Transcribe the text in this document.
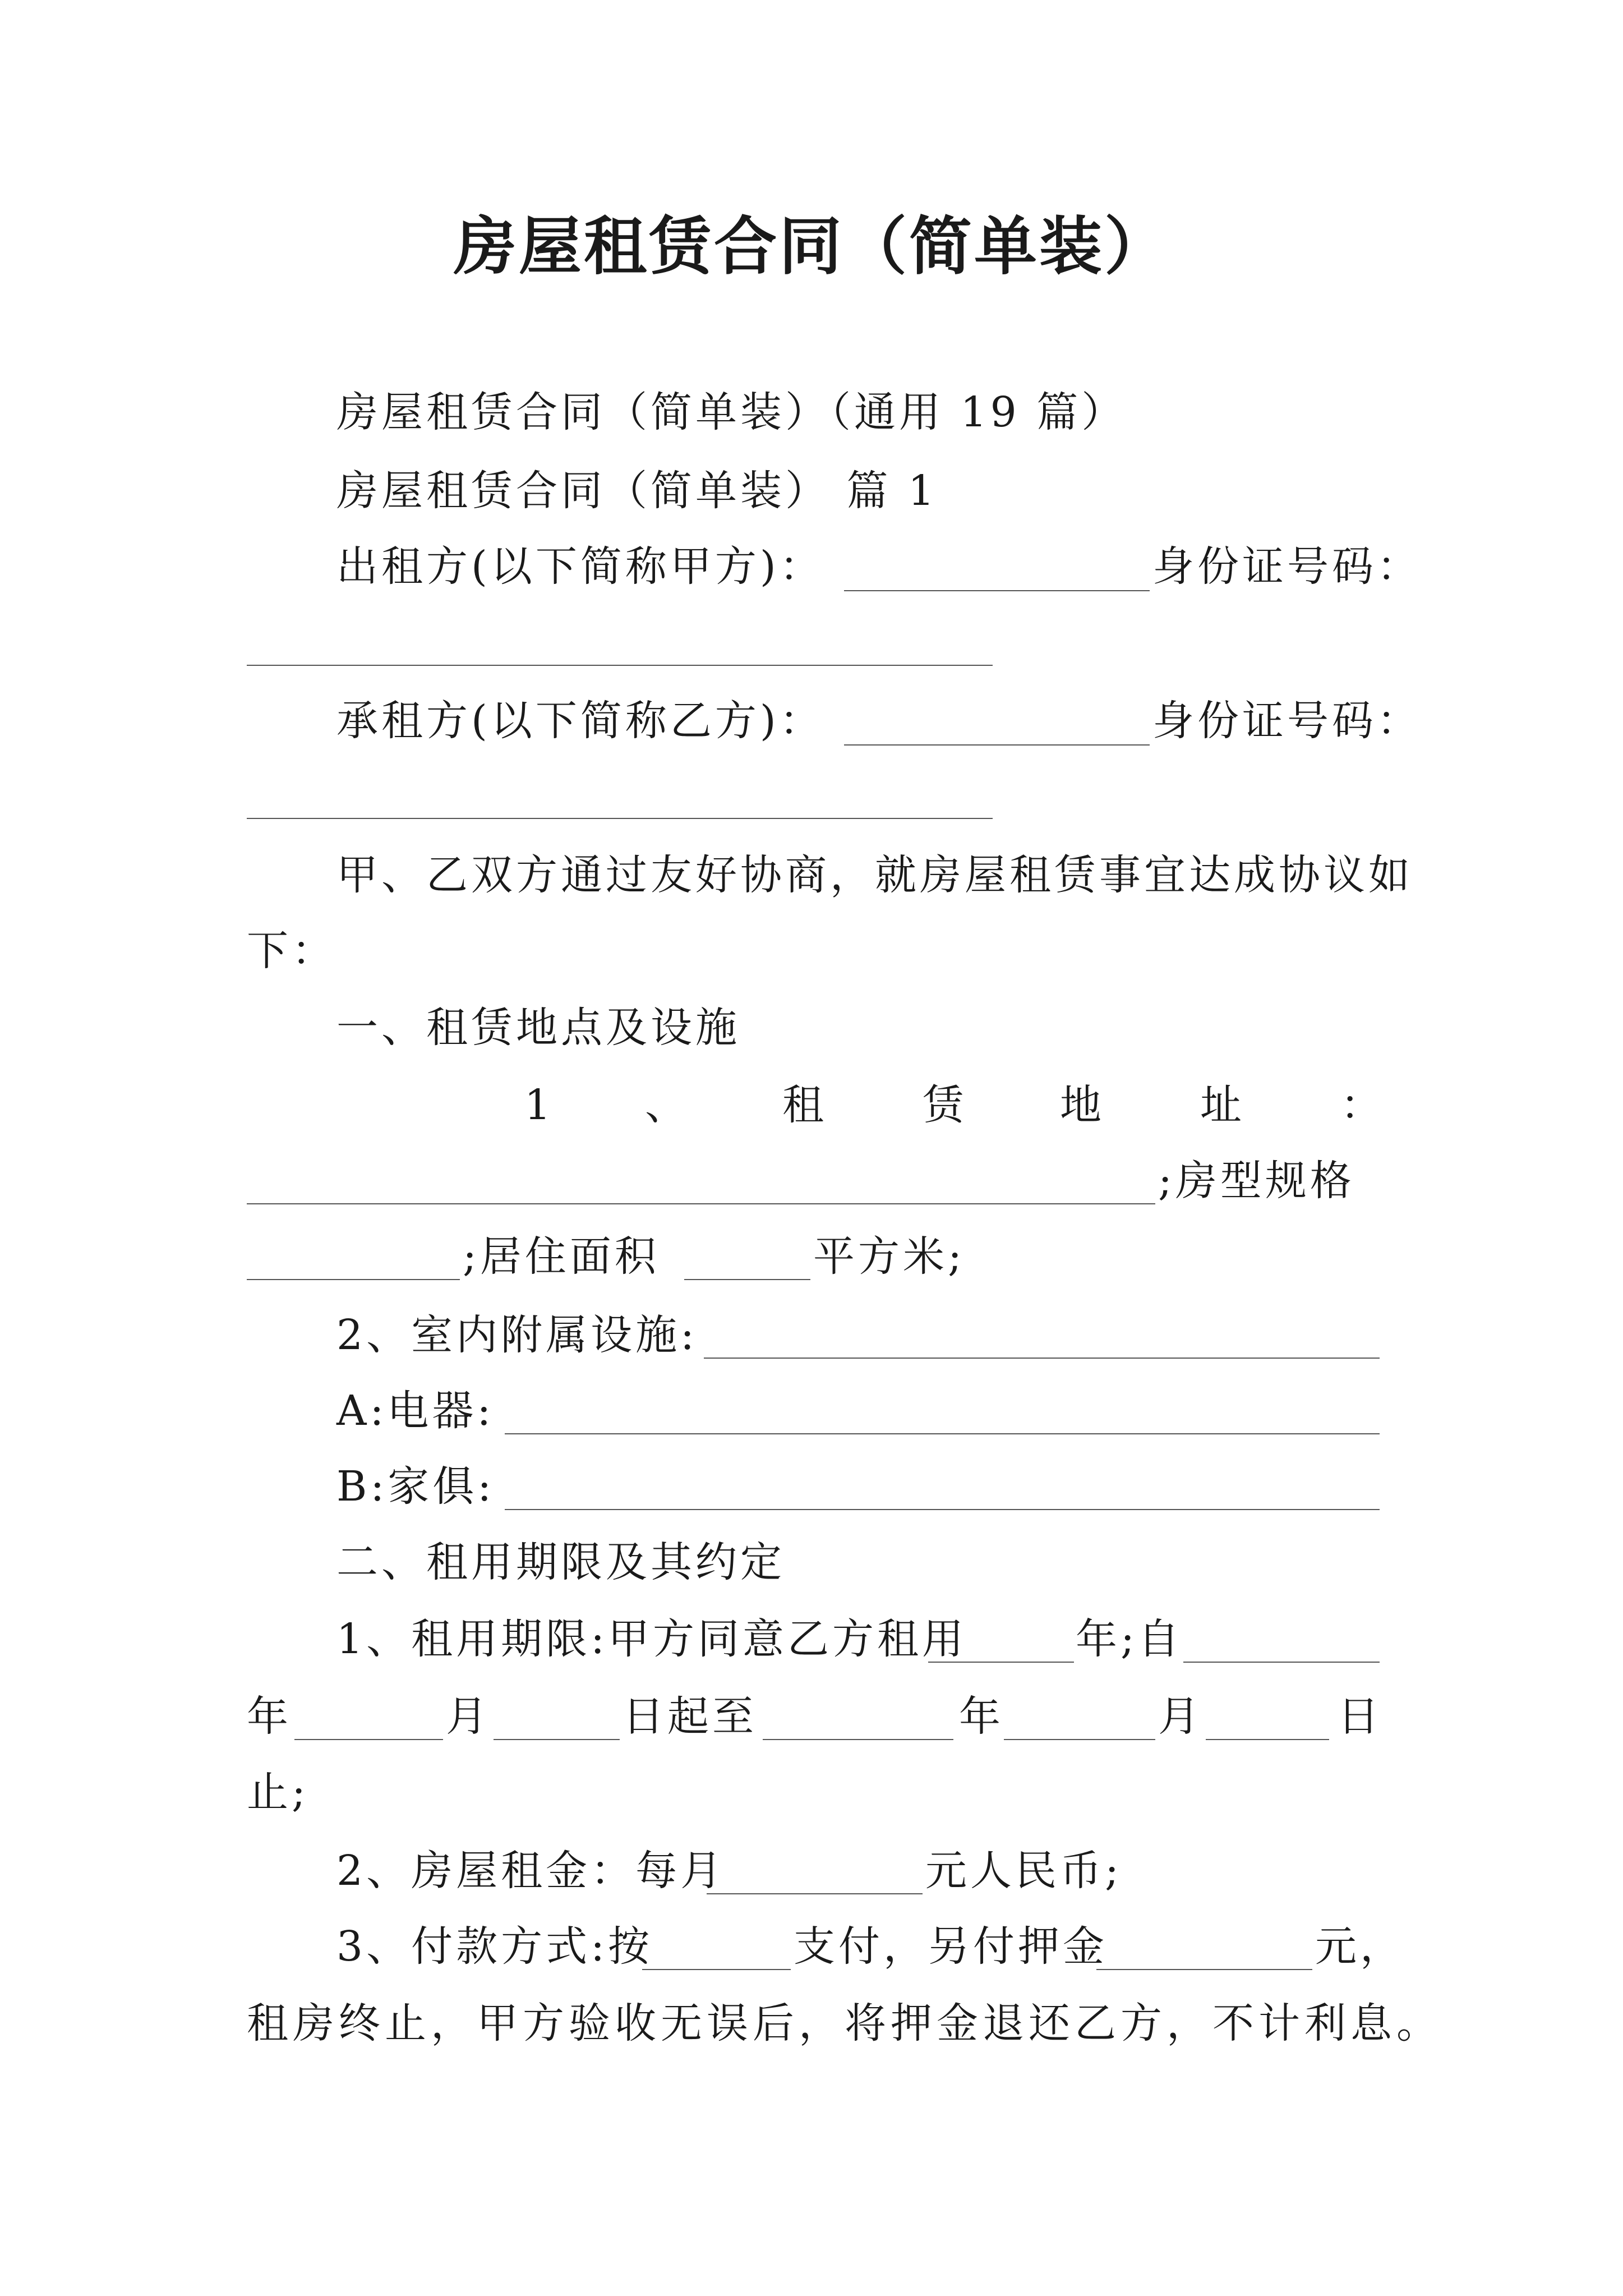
房屋租赁合同（简单装）
房屋租赁合同（简单装）（通用 19 篇）
房屋租赁合同（简单装） 篇 1
出租方(以下简称甲方)：	身份证号码：
承租方(以下简称乙方)：	身份证号码：
甲、乙双方通过友好协商，就房屋租赁事宜达成协议如
下：
一、租赁地点及设施
1 、 租 赁 地 址 ：
;房型规格
;居住面积	平方米;
2、室内附属设施:
A:电器:
B:家俱:
二、租用期限及其约定
1、租用期限:甲方同意乙方租用	年;自
年	月	日起至	年	月	日
止;
2、房屋租金：每月	元人民币;
3、付款方式:按	支付，另付押金	元，
租房终止，甲方验收无误后，将押金退还乙方，不计利息。
